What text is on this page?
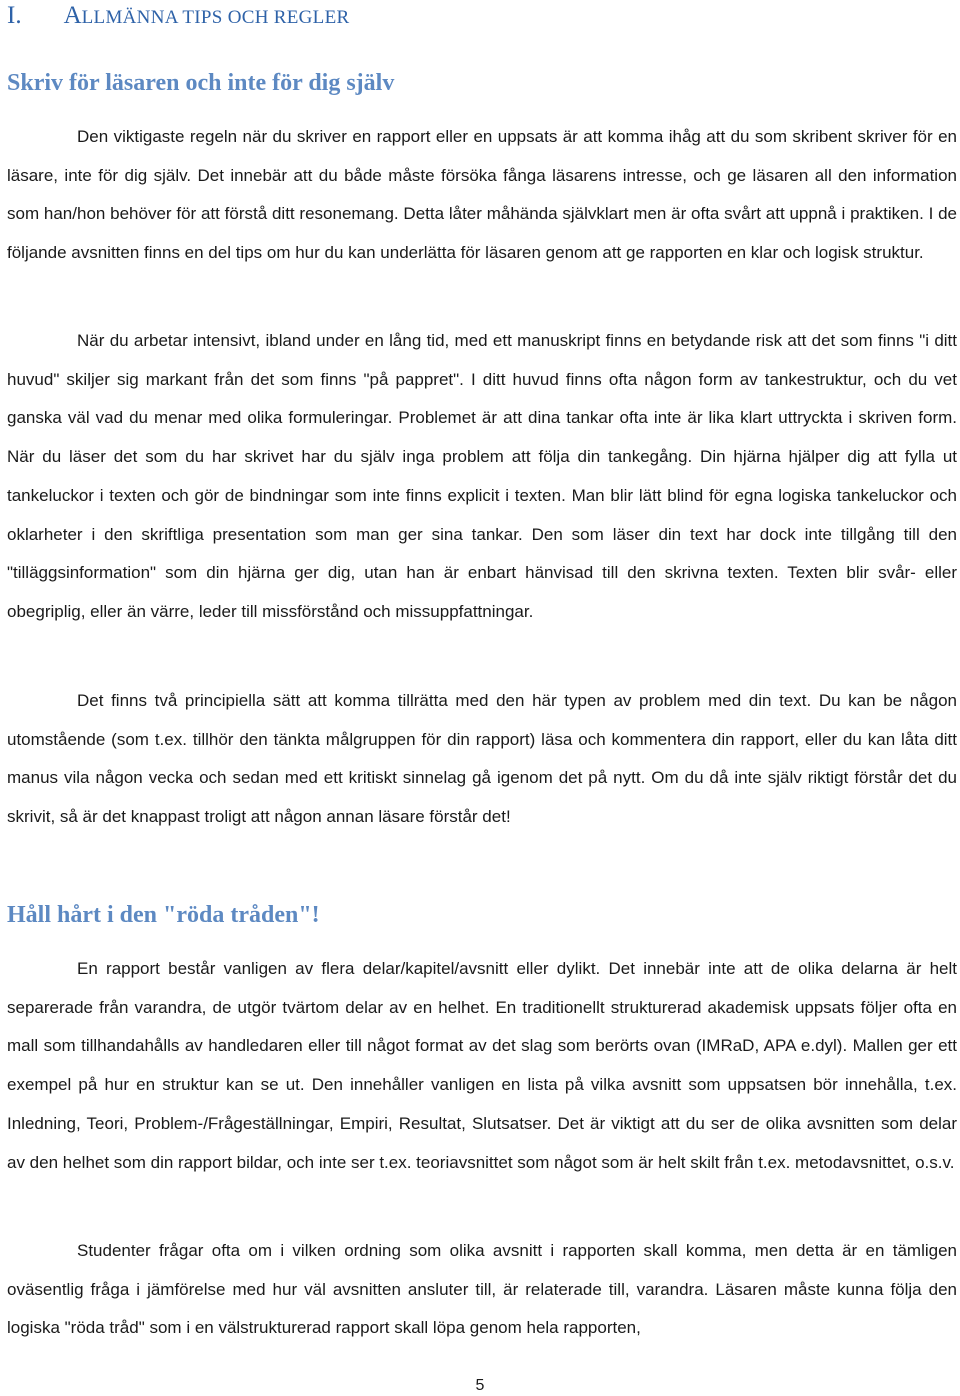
I. ALLMÄNNA TIPS OCH REGLER
Skriv för läsaren och inte för dig själv

Den viktigaste regeln när du skriver en rapport eller en uppsats är att komma ihåg att du som skribent skriver för en läsare, inte för dig själv. Det innebär att du både måste försöka fånga läsarens intresse, och ge läsaren all den information som han/hon behöver för att förstå ditt resonemang. Detta låter måhända självklart men är ofta svårt att uppnå i praktiken. I de följande avsnitten finns en del tips om hur du kan underlätta för läsaren genom att ge rapporten en klar och logisk struktur.

När du arbetar intensivt, ibland under en lång tid, med ett manuskript finns en betydande risk att det som finns "i ditt huvud" skiljer sig markant från det som finns "på pappret". I ditt huvud finns ofta någon form av tankestruktur, och du vet ganska väl vad du menar med olika formuleringar. Problemet är att dina tankar ofta inte är lika klart uttryckta i skriven form. När du läser det som du har skrivet har du själv inga problem att följa din tankegång. Din hjärna hjälper dig att fylla ut tankeluckor i texten och gör de bindningar som inte finns explicit i texten. Man blir lätt blind för egna logiska tankeluckor och oklarheter i den skriftliga presentation som man ger sina tankar. Den som läser din text har dock inte tillgång till den "tilläggsinformation" som din hjärna ger dig, utan han är enbart hänvisad till den skrivna texten. Texten blir svår- eller obegriplig, eller än värre, leder till missförstånd och missuppfattningar.

Det finns två principiella sätt att komma tillrätta med den här typen av problem med din text. Du kan be någon utomstående (som t.ex. tillhör den tänkta målgruppen för din rapport) läsa och kommentera din rapport, eller du kan låta ditt manus vila någon vecka och sedan med ett kritiskt sinnelag gå igenom det på nytt. Om du då inte själv riktigt förstår det du skrivit, så är det knappast troligt att någon annan läsare förstår det!

Håll hårt i den "röda tråden"!

En rapport består vanligen av flera delar/kapitel/avsnitt eller dylikt. Det innebär inte att de olika delarna är helt separerade från varandra, de utgör tvärtom delar av en helhet. En traditionellt strukturerad akademisk uppsats följer ofta en mall som tillhandahålls av handledaren eller till något format av det slag som berörts ovan (IMRaD, APA e.dyl). Mallen ger ett exempel på hur en struktur kan se ut. Den innehåller vanligen en lista på vilka avsnitt som uppsatsen bör innehålla, t.ex. Inledning, Teori, Problem-/Frågeställningar, Empiri, Resultat, Slutsatser. Det är viktigt att du ser de olika avsnitten som delar av den helhet som din rapport bildar, och inte ser t.ex. teoriavsnittet som något som är helt skilt från t.ex. metodavsnittet, o.s.v.

Studenter frågar ofta om i vilken ordning som olika avsnitt i rapporten skall komma, men detta är en tämligen oväsentlig fråga i jämförelse med hur väl avsnitten ansluter till, är relaterade till, varandra. Läsaren måste kunna följa den logiska "röda tråd" som i en välstrukturerad rapport skall löpa genom hela rapporten,

5
